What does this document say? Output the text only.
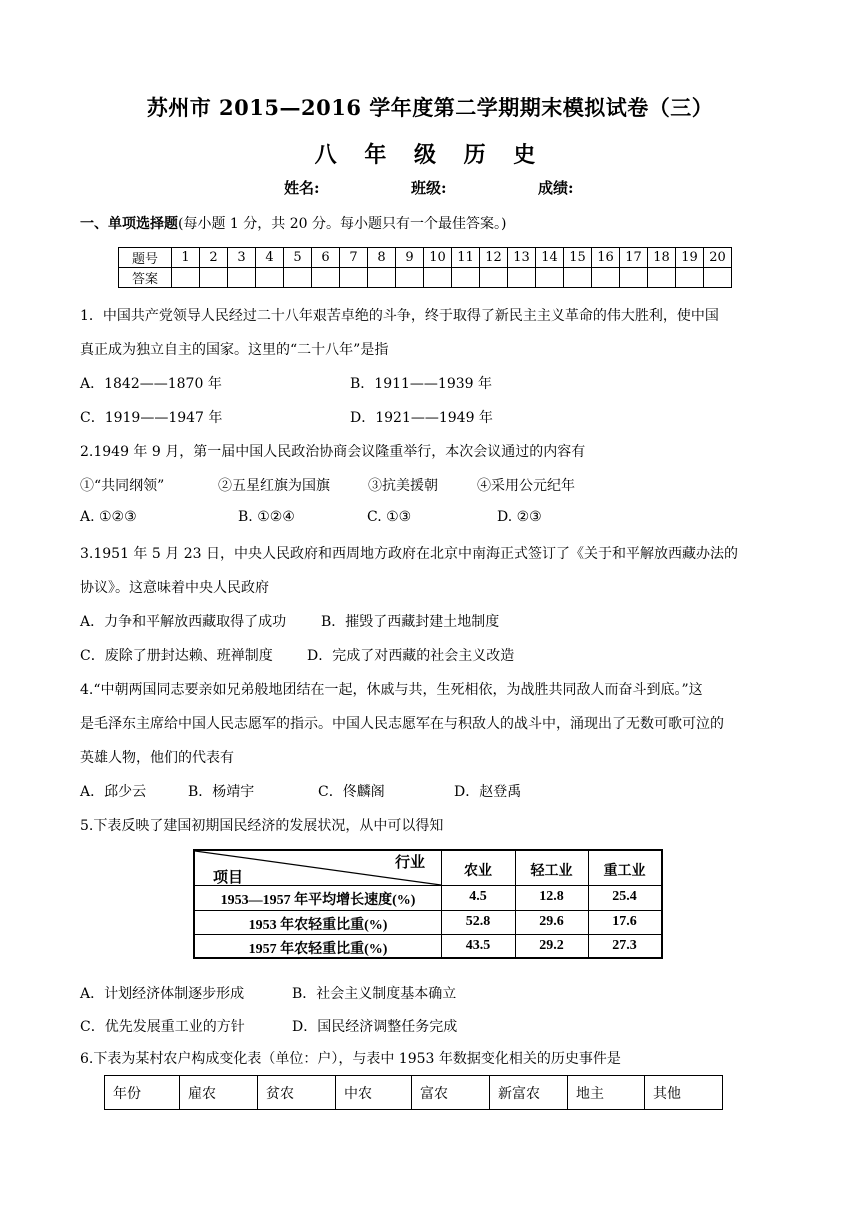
苏州市 2015—2016 学年度第二学期期末模拟试卷（三）
八 年 级 历 史
姓名:	班级:	成绩:
一、单项选择题(每小题 1 分，共 20 分。每小题只有一个最佳答案。)
题号	1	2	3	4	5	6	7	8	9	10	11	12	13	14	15	16	17	18	19	20
答案																				
1．中国共产党领导人民经过二十八年艰苦卓绝的斗争，终于取得了新民主主义革命的伟大胜利，使中国
真正成为独立自主的国家。这里的“二十八年”是指
A．1842——1870 年	B．1911——1939 年
C．1919——1947 年	D．1921——1949 年
2.1949 年 9 月，第一届中国人民政治协商会议隆重举行，本次会议通过的内容有
①“共同纲领”	②五星红旗为国旗	③抗美援朝	④采用公元纪年
A. ①②③	B. ①②④	C. ①③	D. ②③
3.1951 年 5 月 23 日，中央人民政府和西周地方政府在北京中南海正式签订了《关于和平解放西藏办法的
协议》。这意味着中央人民政府
A．力争和平解放西藏取得了成功 B．摧毁了西藏封建土地制度
C．废除了册封达赖、班禅制度 D．完成了对西藏的社会主义改造
4.“中朝两国同志要亲如兄弟般地团结在一起，休戚与共，生死相依，为战胜共同敌人而奋斗到底。”这
是毛泽东主席给中国人民志愿军的指示。中国人民志愿军在与积敌人的战斗中，涌现出了无数可歌可泣的
英雄人物，他们的代表有
A．邱少云	B．杨靖宇	C．佟麟阁	D．赵登禹
5.下表反映了建国初期国民经济的发展状况，从中可以得知
行业
项目	农业	轻工业	重工业
1953—1957 年平均增长速度(%)	4.5	12.8	25.4
1953 年农轻重比重(%)	52.8	29.6	17.6
1957 年农轻重比重(%)	43.5	29.2	27.3
A．计划经济体制逐步形成	B．社会主义制度基本确立
C．优先发展重工业的方针	D．国民经济调整任务完成
6.下表为某村农户构成变化表（单位：户），与表中 1953 年数据变化相关的历史事件是
年份	雇农	贫农	中农	富农	新富农	地主	其他
